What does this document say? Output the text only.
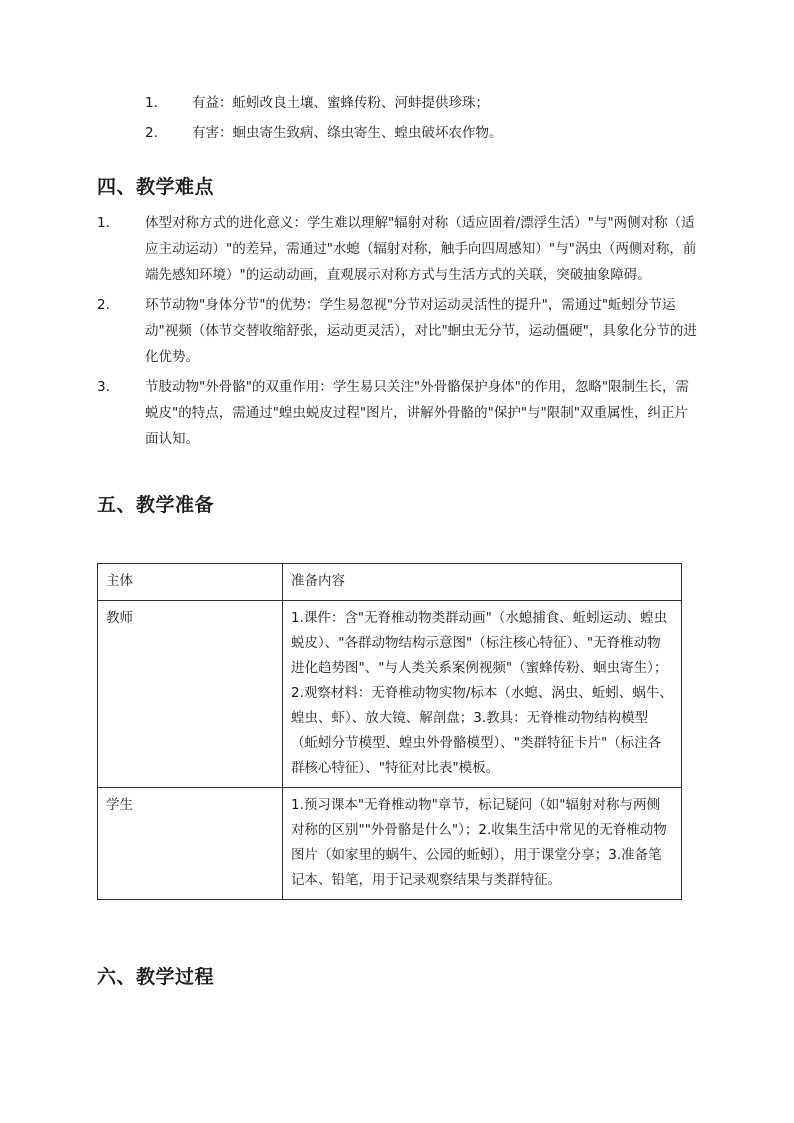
1.	有益：蚯蚓改良土壤、蜜蜂传粉、河蚌提供珍珠；
2.	有害：蛔虫寄生致病、绦虫寄生、蝗虫破坏农作物。
四、教学难点
1.	体型对称方式的进化意义：学生难以理解"辐射对称（适应固着/漂浮生活）"与"两侧对称（适应主动运动）"的差异，需通过"水螅（辐射对称，触手向四周感知）"与"涡虫（两侧对称，前端先感知环境）"的运动动画，直观展示对称方式与生活方式的关联，突破抽象障碍。
2.	环节动物"身体分节"的优势：学生易忽视"分节对运动灵活性的提升"，需通过"蚯蚓分节运动"视频（体节交替收缩舒张，运动更灵活），对比"蛔虫无分节，运动僵硬"，具象化分节的进化优势。
3.	节肢动物"外骨骼"的双重作用：学生易只关注"外骨骼保护身体"的作用，忽略"限制生长，需蜕皮"的特点，需通过"蝗虫蜕皮过程"图片，讲解外骨骼的"保护"与"限制"双重属性，纠正片面认知。
五、教学准备
主体	准备内容
教师	1.课件：含"无脊椎动物类群动画"（水螅捕食、蚯蚓运动、蝗虫蜕皮）、"各群动物结构示意图"（标注核心特征）、"无脊椎动物进化趋势图"、"与人类关系案例视频"（蜜蜂传粉、蛔虫寄生）；2.观察材料：无脊椎动物实物/标本（水螅、涡虫、蚯蚓、蜗牛、蝗虫、虾）、放大镜、解剖盘；3.教具：无脊椎动物结构模型（蚯蚓分节模型、蝗虫外骨骼模型）、"类群特征卡片"（标注各群核心特征）、"特征对比表"模板。
学生	1.预习课本"无脊椎动物"章节，标记疑问（如"辐射对称与两侧对称的区别""外骨骼是什么"）；2.收集生活中常见的无脊椎动物图片（如家里的蜗牛、公园的蚯蚓），用于课堂分享；3.准备笔记本、铅笔，用于记录观察结果与类群特征。
六、教学过程
